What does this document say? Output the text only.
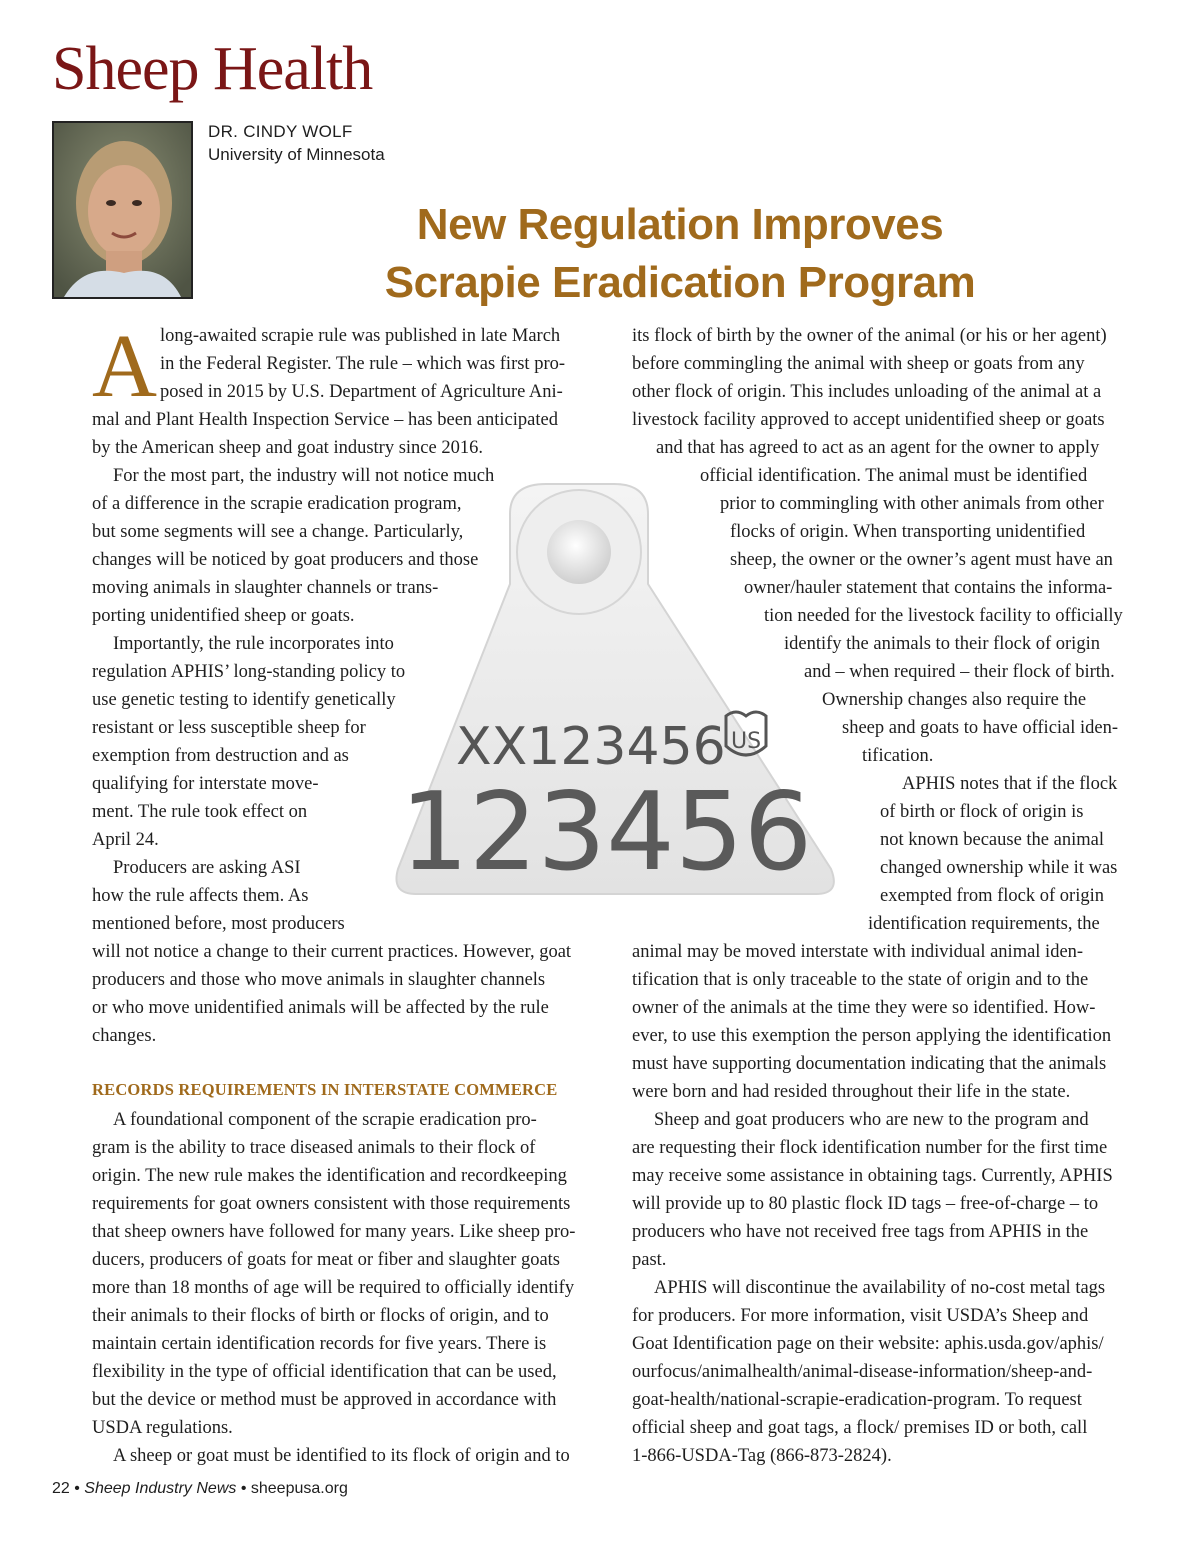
Sheep Health
DR. CINDY WOLF
University of Minnesota
New Regulation Improves
Scrapie Eradication Program
XX123456 US
123456
A long-awaited scrapie rule was published in late March
in the Federal Register. The rule – which was first pro-
posed in 2015 by U.S. Department of Agriculture Ani-
mal and Plant Health Inspection Service – has been anticipated
by the American sheep and goat industry since 2016.
For the most part, the industry will not notice much
of a difference in the scrapie eradication program,
but some segments will see a change. Particularly,
changes will be noticed by goat producers and those
moving animals in slaughter channels or trans-
porting unidentified sheep or goats.
Importantly, the rule incorporates into
regulation APHIS’ long-standing policy to
use genetic testing to identify genetically
resistant or less susceptible sheep for
exemption from destruction and as
qualifying for interstate move-
ment. The rule took effect on
April 24.
Producers are asking ASI
how the rule affects them. As
mentioned before, most producers
will not notice a change to their current practices. However, goat
producers and those who move animals in slaughter channels
or who move unidentified animals will be affected by the rule
changes.
RECORDS REQUIREMENTS IN INTERSTATE COMMERCE
A foundational component of the scrapie eradication pro-
gram is the ability to trace diseased animals to their flock of
origin. The new rule makes the identification and recordkeeping
requirements for goat owners consistent with those requirements
that sheep owners have followed for many years. Like sheep pro-
ducers, producers of goats for meat or fiber and slaughter goats
more than 18 months of age will be required to officially identify
their animals to their flocks of birth or flocks of origin, and to
maintain certain identification records for five years. There is
flexibility in the type of official identification that can be used,
but the device or method must be approved in accordance with
USDA regulations.
A sheep or goat must be identified to its flock of origin and to
its flock of birth by the owner of the animal (or his or her agent)
before commingling the animal with sheep or goats from any
other flock of origin. This includes unloading of the animal at a
livestock facility approved to accept unidentified sheep or goats
and that has agreed to act as an agent for the owner to apply
official identification. The animal must be identified
prior to commingling with other animals from other
flocks of origin. When transporting unidentified
sheep, the owner or the owner’s agent must have an
owner/hauler statement that contains the informa-
tion needed for the livestock facility to officially
identify the animals to their flock of origin
and – when required – their flock of birth.
Ownership changes also require the
sheep and goats to have official iden-
tification.
APHIS notes that if the flock
of birth or flock of origin is
not known because the animal
changed ownership while it was
exempted from flock of origin
identification requirements, the
animal may be moved interstate with individual animal iden-
tification that is only traceable to the state of origin and to the
owner of the animals at the time they were so identified. How-
ever, to use this exemption the person applying the identification
must have supporting documentation indicating that the animals
were born and had resided throughout their life in the state.
Sheep and goat producers who are new to the program and
are requesting their flock identification number for the first time
may receive some assistance in obtaining tags. Currently, APHIS
will provide up to 80 plastic flock ID tags – free-of-charge – to
producers who have not received free tags from APHIS in the
past.
APHIS will discontinue the availability of no-cost metal tags
for producers. For more information, visit USDA’s Sheep and
Goat Identification page on their website: aphis.usda.gov/aphis/
ourfocus/animalhealth/animal-disease-information/sheep-and-
goat-health/national-scrapie-eradication-program. To request
official sheep and goat tags, a flock/ premises ID or both, call
1-866-USDA-Tag (866-873-2824).
22 • Sheep Industry News • sheepusa.org
